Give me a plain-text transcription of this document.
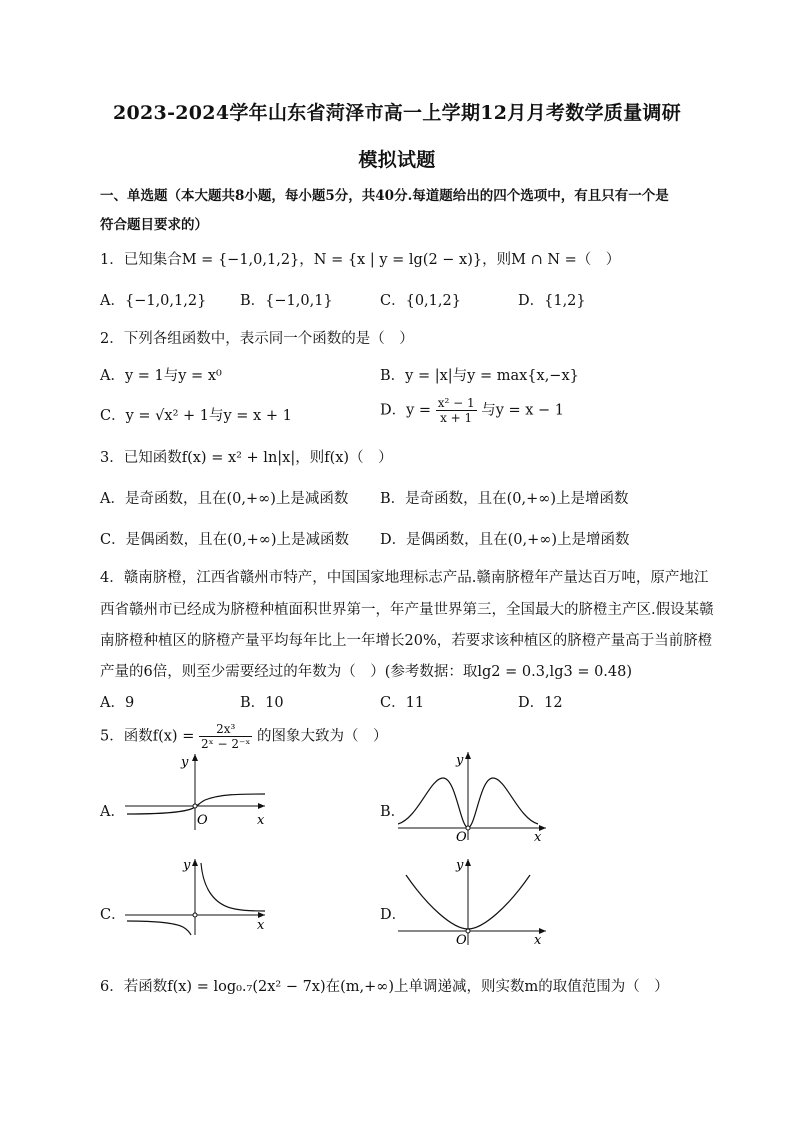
2023-2024学年山东省菏泽市高一上学期12月月考数学质量调研
模拟试题
一、单选题（本大题共8小题，每小题5分，共40分.每道题给出的四个选项中，有且只有一个是
符合题目要求的）
1．已知集合M = {−1,0,1,2}，N = {x | y = lg(2 − x)}，则M ∩ N =（　）
A．{−1,0,1,2} B．{−1,0,1}	C．{0,1,2}	D．{1,2}
2．下列各组函数中，表示同一个函数的是（　）
A．y = 1与y = x⁰	B．y = |x|与y = max{x,−x}
C．y = √x² + 1与y = x + 1	D．$y = \frac{\text{x² − 1}}{x + 1}$ 与y = x − 1
3．已知函数f(x) = x² + ln|x|，则f(x)（　）
A．是奇函数，且在(0,+∞)上是减函数 B．是奇函数，且在(0,+∞)上是增函数
C．是偶函数，且在(0,+∞)上是减函数 D．是偶函数，且在(0,+∞)上是增函数
4．赣南脐橙，江西省赣州市特产，中国国家地理标志产品.赣南脐橙年产量达百万吨，原产地江
西省赣州市已经成为脐橙种植面积世界第一，年产量世界第三，全国最大的脐橙主产区.假设某赣
南脐橙种植区的脐橙产量平均每年比上一年增长20%，若要求该种植区的脐橙产量高于当前脐橙
产量的6倍，则至少需要经过的年数为（　）(参考数据：取lg2 = 0.3,lg3 = 0.48)
A．9	B．10	C．11	D．12
5．函数$f(x) = \frac{\text{2x³}}{\text{2ˣ − 2⁻ˣ}}$ 的图象大致为（　）
A．	B．
C．	D．
y
O	x
y
O	x
y
x
y
O	x
6．若函数f(x) = log₀.₇(2x² − 7x)在(m,+∞)上单调递减，则实数m的取值范围为（　）
